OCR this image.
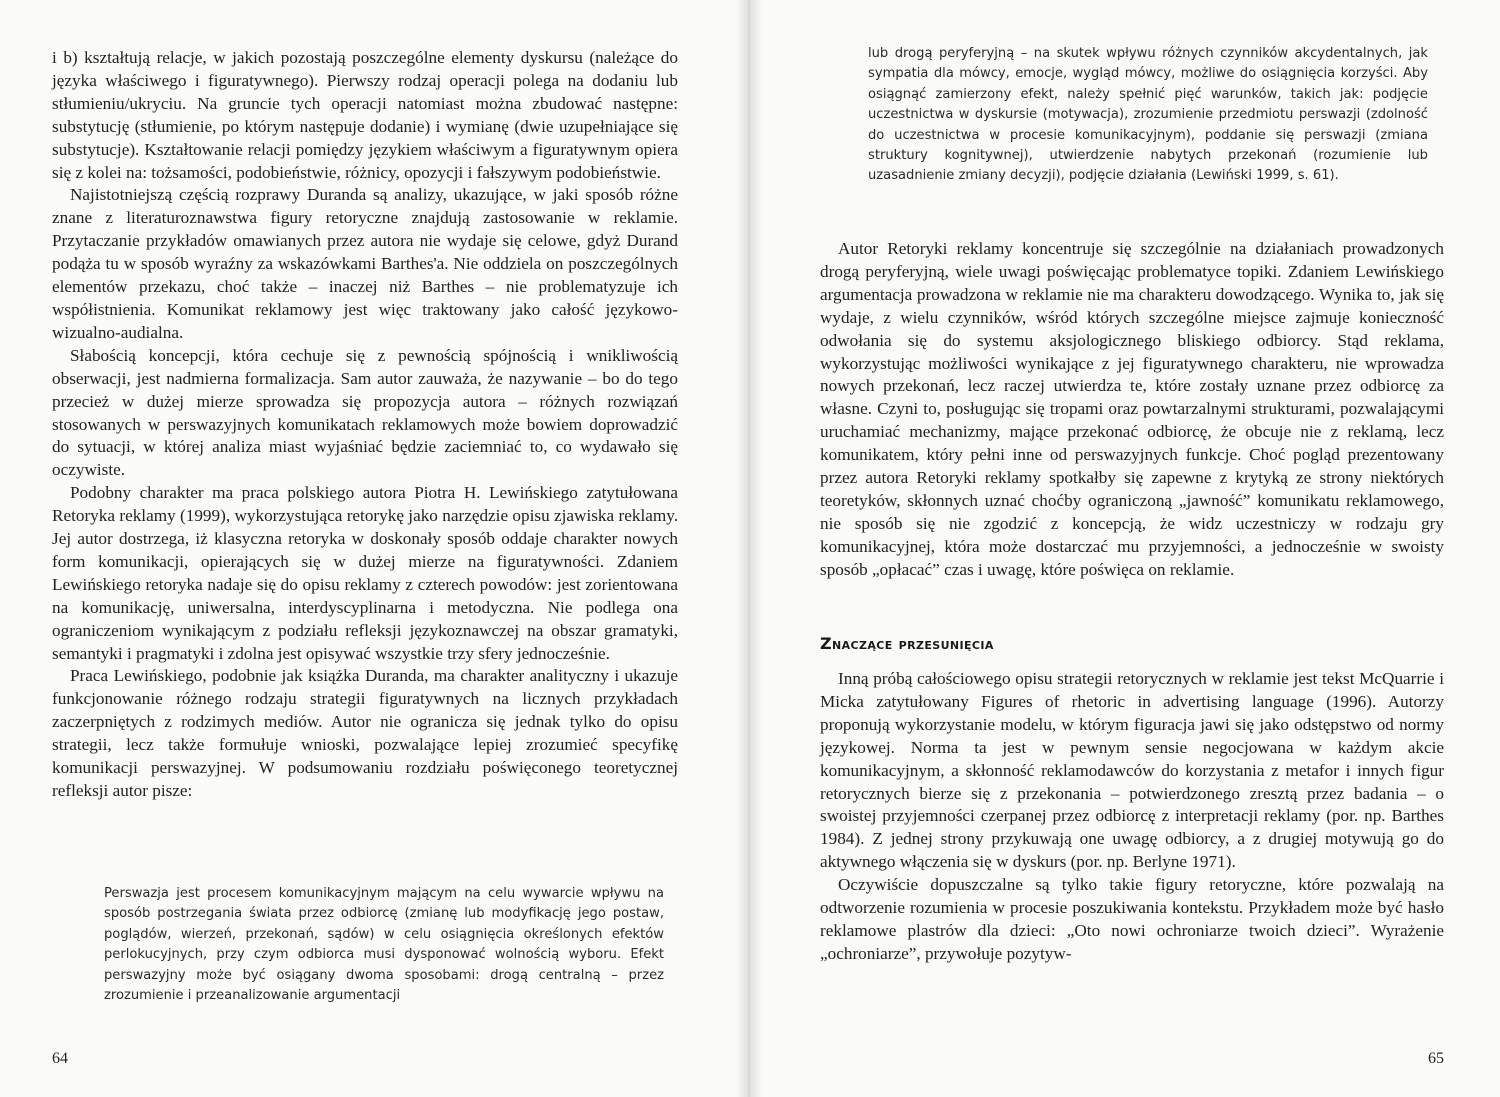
i b) kształtują relacje, w jakich pozostają poszczególne elementy dyskursu (należące do języka właściwego i figuratywnego). Pierwszy rodzaj operacji polega na dodaniu lub stłumieniu/ukryciu. Na gruncie tych operacji natomiast można zbudować następne: substytucję (stłumienie, po którym następuje dodanie) i wymianę (dwie uzupełniające się substytucje). Kształtowanie relacji pomiędzy językiem właściwym a figuratywnym opiera się z kolei na: tożsamości, podobieństwie, różnicy, opozycji i fałszywym podobieństwie.

Najistotniejszą częścią rozprawy Duranda są analizy, ukazujące, w jaki sposób różne znane z literaturoznawstwa figury retoryczne znajdują zastosowanie w reklamie. Przytaczanie przykładów omawianych przez autora nie wydaje się celowe, gdyż Durand podąża tu w sposób wyraźny za wskazówkami Barthes'a. Nie oddziela on poszczególnych elementów przekazu, choć także – inaczej niż Barthes – nie problematyzuje ich współistnienia. Komunikat reklamowy jest więc traktowany jako całość językowo-wizualno-audialna.

Słabością koncepcji, która cechuje się z pewnością spójnością i wnikliwością obserwacji, jest nadmierna formalizacja. Sam autor zauważa, że nazywanie – bo do tego przecież w dużej mierze sprowadza się propozycja autora – różnych rozwiązań stosowanych w perswazyjnych komunikatach reklamowych może bowiem doprowadzić do sytuacji, w której analiza miast wyjaśniać będzie zaciemniać to, co wydawało się oczywiste.

Podobny charakter ma praca polskiego autora Piotra H. Lewińskiego zatytułowana Retoryka reklamy (1999), wykorzystująca retorykę jako narzędzie opisu zjawiska reklamy. Jej autor dostrzega, iż klasyczna retoryka w doskonały sposób oddaje charakter nowych form komunikacji, opierających się w dużej mierze na figuratywności. Zdaniem Lewińskiego retoryka nadaje się do opisu reklamy z czterech powodów: jest zorientowana na komunikację, uniwersalna, interdyscyplinarna i metodyczna. Nie podlega ona ograniczeniom wynikającym z podziału refleksji językoznawczej na obszar gramatyki, semantyki i pragmatyki i zdolna jest opisywać wszystkie trzy sfery jednocześnie.

Praca Lewińskiego, podobnie jak książka Duranda, ma charakter analityczny i ukazuje funkcjonowanie różnego rodzaju strategii figuratywnych na licznych przykładach zaczerpniętych z rodzimych mediów. Autor nie ogranicza się jednak tylko do opisu strategii, lecz także formułuje wnioski, pozwalające lepiej zrozumieć specyfikę komunikacji perswazyjnej. W podsumowaniu rozdziału poświęconego teoretycznej refleksji autor pisze:

Perswazja jest procesem komunikacyjnym mającym na celu wywarcie wpływu na sposób postrzegania świata przez odbiorcę (zmianę lub modyfikację jego postaw, poglądów, wierzeń, przekonań, sądów) w celu osiągnięcia określonych efektów perlokucyjnych, przy czym odbiorca musi dysponować wolnością wyboru. Efekt perswazyjny może być osiągany dwoma sposobami: drogą centralną – przez zrozumienie i przeanalizowanie argumentacji
64
lub drogą peryferyjną – na skutek wpływu różnych czynników akcydentalnych, jak sympatia dla mówcy, emocje, wygląd mówcy, możliwe do osiągnięcia korzyści. Aby osiągnąć zamierzony efekt, należy spełnić pięć warunków, takich jak: podjęcie uczestnictwa w dyskursie (motywacja), zrozumienie przedmiotu perswazji (zdolność do uczestnictwa w procesie komunikacyjnym), poddanie się perswazji (zmiana struktury kognitywnej), utwierdzenie nabytych przekonań (rozumienie lub uzasadnienie zmiany decyzji), podjęcie działania (Lewiński 1999, s. 61).

Autor Retoryki reklamy koncentruje się szczególnie na działaniach prowadzonych drogą peryferyjną, wiele uwagi poświęcając problematyce topiki. Zdaniem Lewińskiego argumentacja prowadzona w reklamie nie ma charakteru dowodzącego. Wynika to, jak się wydaje, z wielu czynników, wśród których szczególne miejsce zajmuje konieczność odwołania się do systemu aksjologicznego bliskiego odbiorcy. Stąd reklama, wykorzystując możliwości wynikające z jej figuratywnego charakteru, nie wprowadza nowych przekonań, lecz raczej utwierdza te, które zostały uznane przez odbiorcę za własne. Czyni to, posługując się tropami oraz powtarzalnymi strukturami, pozwalającymi uruchamiać mechanizmy, mające przekonać odbiorcę, że obcuje nie z reklamą, lecz komunikatem, który pełni inne od perswazyjnych funkcje. Choć pogląd prezentowany przez autora Retoryki reklamy spotkałby się zapewne z krytyką ze strony niektórych teoretyków, skłonnych uznać choćby ograniczoną „jawność” komunikatu reklamowego, nie sposób się nie zgodzić z koncepcją, że widz uczestniczy w rodzaju gry komunikacyjnej, która może dostarczać mu przyjemności, a jednocześnie w swoisty sposób „opłacać” czas i uwagę, które poświęca on reklamie.

Znaczące przesunięcia

Inną próbą całościowego opisu strategii retorycznych w reklamie jest tekst McQuarrie i Micka zatytułowany Figures of rhetoric in advertising language (1996). Autorzy proponują wykorzystanie modelu, w którym figuracja jawi się jako odstępstwo od normy językowej. Norma ta jest w pewnym sensie negocjowana w każdym akcie komunikacyjnym, a skłonność reklamodawców do korzystania z metafor i innych figur retorycznych bierze się z przekonania – potwierdzonego zresztą przez badania – o swoistej przyjemności czerpanej przez odbiorcę z interpretacji reklamy (por. np. Barthes 1984). Z jednej strony przykuwają one uwagę odbiorcy, a z drugiej motywują go do aktywnego włączenia się w dyskurs (por. np. Berlyne 1971).

Oczywiście dopuszczalne są tylko takie figury retoryczne, które pozwalają na odtworzenie rozumienia w procesie poszukiwania kontekstu. Przykładem może być hasło reklamowe plastrów dla dzieci: „Oto nowi ochroniarze twoich dzieci”. Wyrażenie „ochroniarze”, przywołuje pozytyw-

65
